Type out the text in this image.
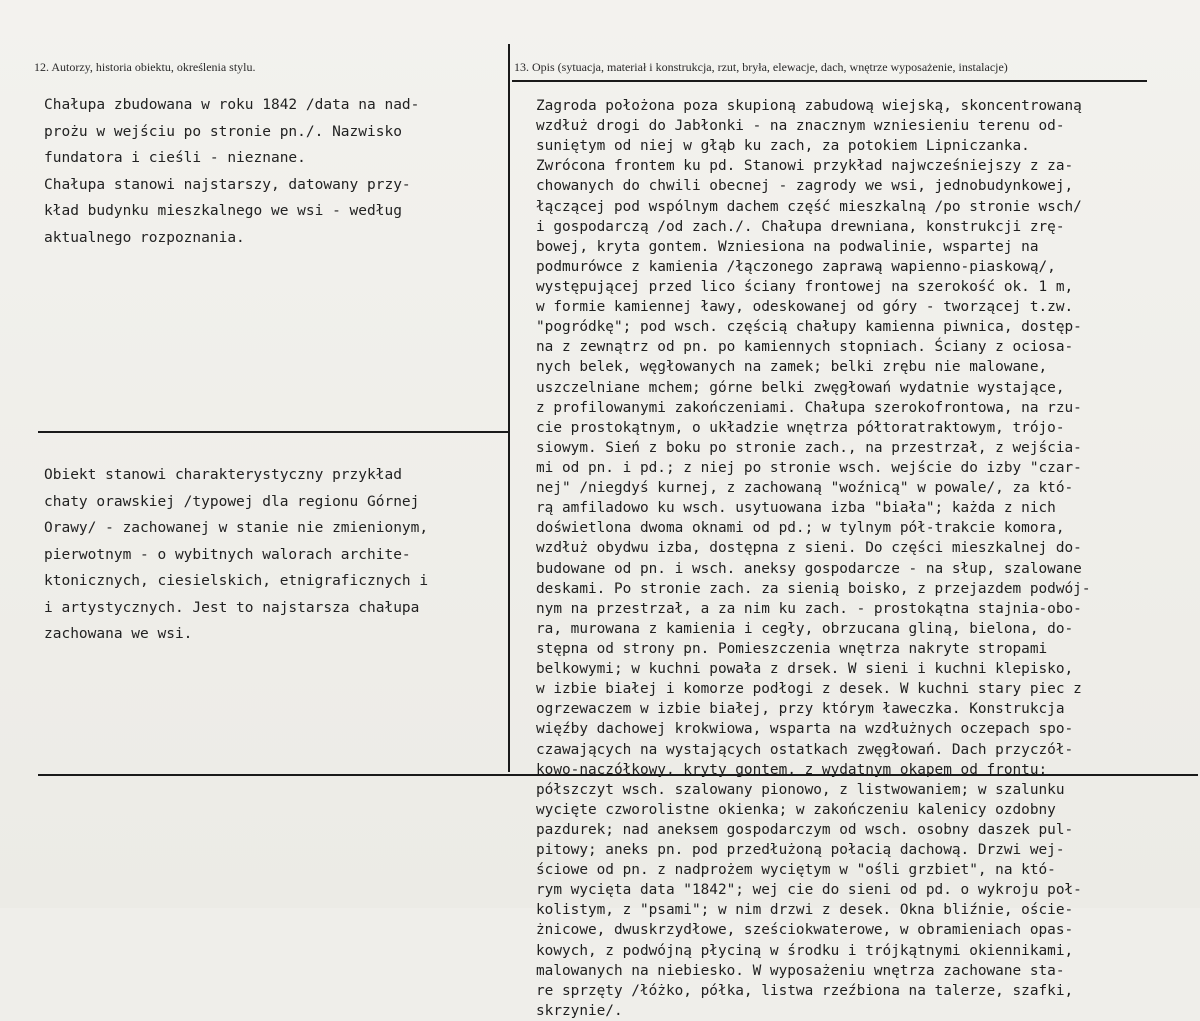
12. Autorzy, historia obiektu, określenia stylu.	13. Opis (sytuacja, materiał i konstrukcja, rzut, bryła, elewacje, dach, wnętrze wyposażenie, instalacje)
Chałupa zbudowana w roku 1842 /data na nad-
prożu w wejściu po stronie pn./. Nazwisko
fundatora i cieśli - nieznane.
Chałupa stanowi najstarszy, datowany przy-
kład budynku mieszkalnego we wsi - według
aktualnego rozpoznania.
Obiekt stanowi charakterystyczny przykład
chaty orawskiej /typowej dla regionu Górnej
Orawy/ - zachowanej w stanie nie zmienionym,
pierwotnym - o wybitnych walorach archite-
ktonicznych, ciesielskich, etnigraficznych i
i artystycznych. Jest to najstarsza chałupa
zachowana we wsi.
Zagroda położona poza skupioną zabudową wiejską, skoncentrowaną
wzdłuż drogi do Jabłonki - na znacznym wzniesieniu terenu od-
suniętym od niej w głąb ku zach, za potokiem Lipniczanka.
Zwrócona frontem ku pd. Stanowi przykład najwcześniejszy z za-
chowanych do chwili obecnej - zagrody we wsi, jednobudynkowej,
łączącej pod wspólnym dachem część mieszkalną /po stronie wsch/
i gospodarczą /od zach./. Chałupa drewniana, konstrukcji zrę-
bowej, kryta gontem. Wzniesiona na podwalinie, wspartej na
podmurówce z kamienia /łączonego zaprawą wapienno-piaskową/,
występującej przed lico ściany frontowej na szerokość ok. 1 m,
w formie kamiennej ławy, odeskowanej od góry - tworzącej t.zw.
"pogródkę"; pod wsch. częścią chałupy kamienna piwnica, dostęp-
na z zewnątrz od pn. po kamiennych stopniach. Ściany z ociosa-
nych belek, węgłowanych na zamek; belki zrębu nie malowane,
uszczelniane mchem; górne belki zwęgłowań wydatnie wystające,
z profilowanymi zakończeniami. Chałupa szerokofrontowa, na rzu-
cie prostokątnym, o układzie wnętrza półtoratraktowym, trójo-
siowym. Sień z boku po stronie zach., na przestrzał, z wejścia-
mi od pn. i pd.; z niej po stronie wsch. wejście do izby "czar-
nej" /niegdyś kurnej, z zachowaną "woźnicą" w powale/, za któ-
rą amfiladowo ku wsch. usytuowana izba "biała"; każda z nich
doświetlona dwoma oknami od pd.; w tylnym pół-trakcie komora,
wzdłuż obydwu izba, dostępna z sieni. Do części mieszkalnej do-
budowane od pn. i wsch. aneksy gospodarcze - na słup, szalowane
deskami. Po stronie zach. za sienią boisko, z przejazdem podwój-
nym na przestrzał, a za nim ku zach. - prostokątna stajnia-obo-
ra, murowana z kamienia i cegły, obrzucana gliną, bielona, do-
stępna od strony pn. Pomieszczenia wnętrza nakryte stropami
belkowymi; w kuchni powała z drsek. W sieni i kuchni klepisko,
w izbie białej i komorze podłogi z desek. W kuchni stary piec z
ogrzewaczem w izbie białej, przy którym ławeczka. Konstrukcja
więźby dachowej krokwiowa, wsparta na wzdłużnych oczepach spo-
czawających na wystających ostatkach zwęgłowań. Dach przyczół-
kowo-naczółkowy, kryty gontem, z wydatnym okapem od frontu;
półszczyt wsch. szalowany pionowo, z listwowaniem; w szalunku
wycięte czworolistne okienka; w zakończeniu kalenicy ozdobny
pazdurek; nad aneksem gospodarczym od wsch. osobny daszek pul-
pitowy; aneks pn. pod przedłużoną połacią dachową. Drzwi wej-
ściowe od pn. z nadprożem wyciętym w "ośli grzbiet", na któ-
rym wycięta data "1842"; wej cie do sieni od pd. o wykroju poł-
kolistym, z "psami"; w nim drzwi z desek. Okna bliźnie, oście-
żnicowe, dwuskrzydłowe, sześciokwaterowe, w obramieniach opas-
kowych, z podwójną płyciną w środku i trójkątnymi okiennikami,
malowanych na niebiesko. W wyposażeniu wnętrza zachowane sta-
re sprzęty /łóżko, półka, listwa rzeźbiona na talerze, szafki,
skrzynie/.
